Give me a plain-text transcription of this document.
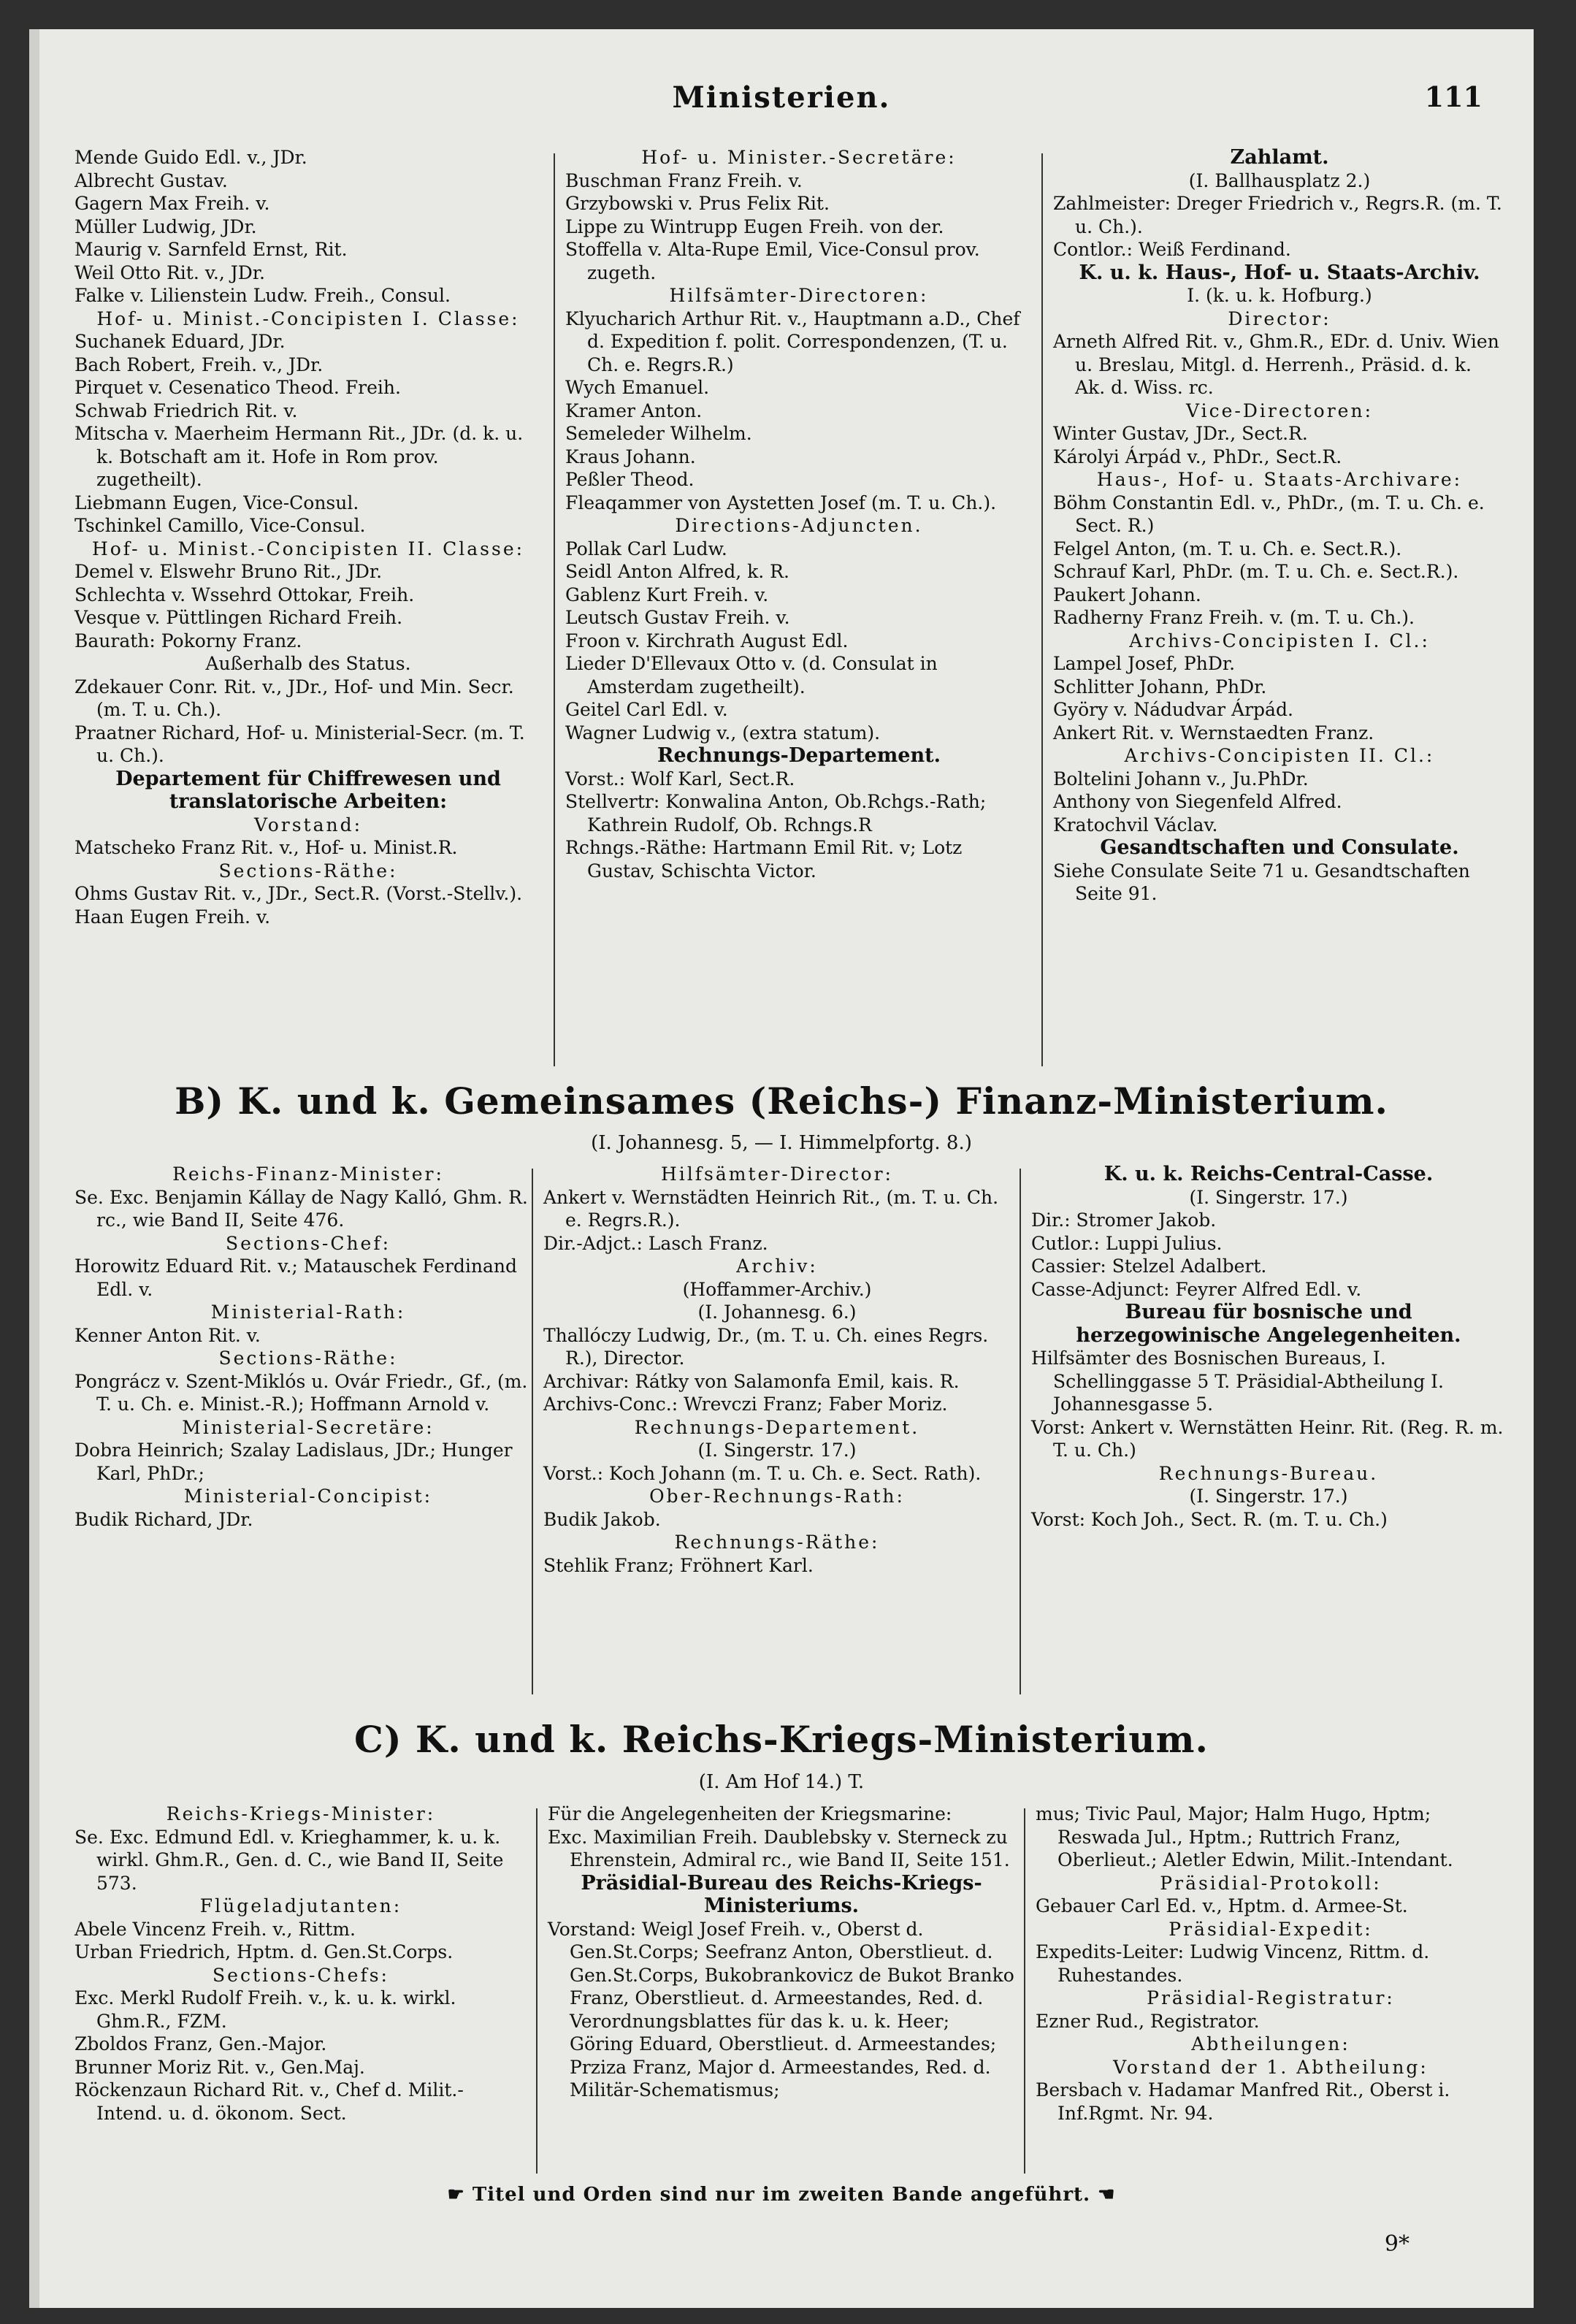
Ministerien.	111
Mende Guido Edl. v., JDr.
Albrecht Gustav.
Gagern Max Freih. v.
Müller Ludwig, JDr.
Maurig v. Sarnfeld Ernst, Rit.
Weil Otto Rit. v., JDr.
Falke v. Lilienstein Ludw. Freih., Consul.
Hof- u. Minist.-Concipisten I. Classe:
Suchanek Eduard, JDr.
Bach Robert, Freih. v., JDr.
Pirquet v. Cesenatico Theod. Freih.
Schwab Friedrich Rit. v.
Mitscha v. Maerheim Hermann Rit., JDr. (d. k. u. k. Botschaft am it. Hofe in Rom prov. zugetheilt).
Liebmann Eugen, Vice-Consul.
Tschinkel Camillo, Vice-Consul.
Hof- u. Minist.-Concipisten II. Classe:
Demel v. Elswehr Bruno Rit., JDr.
Schlechta v. Wssehrd Ottokar, Freih.
Vesque v. Püttlingen Richard Freih.
Baurath: Pokorny Franz.
Außerhalb des Status.
Zdekauer Conr. Rit. v., JDr., Hof- und Min. Secr. (m. T. u. Ch.).
Praatner Richard, Hof- u. Ministerial-Secr. (m. T. u. Ch.).
Departement für Chiffrewesen und translatorische Arbeiten:
Vorstand:
Matscheko Franz Rit. v., Hof- u. Minist.R.
Sections-Räthe:
Ohms Gustav Rit. v., JDr., Sect.R. (Vorst.-Stellv.).
Haan Eugen Freih. v.
Hof- u. Minister.-Secretäre:
Buschman Franz Freih. v.
Grzybowski v. Prus Felix Rit.
Lippe zu Wintrupp Eugen Freih. von der.
Stoffella v. Alta-Rupe Emil, Vice-Consul prov. zugeth.
Hilfsämter-Directoren:
Klyucharich Arthur Rit. v., Hauptmann a.D., Chef d. Expedition f. polit. Correspondenzen, (T. u. Ch. e. Regrs.R.)
Wych Emanuel.
Kramer Anton.
Semeleder Wilhelm.
Kraus Johann.
Peßler Theod.
Fleaqammer von Aystetten Josef (m. T. u. Ch.).
Directions-Adjuncten.
Pollak Carl Ludw.
Seidl Anton Alfred, k. R.
Gablenz Kurt Freih. v.
Leutsch Gustav Freih. v.
Froon v. Kirchrath August Edl.
Lieder D'Ellevaux Otto v. (d. Consulat in Amsterdam zugetheilt).
Geitel Carl Edl. v.
Wagner Ludwig v., (extra statum).
Rechnungs-Departement.
Vorst.: Wolf Karl, Sect.R.
Stellvertr: Konwalina Anton, Ob.Rchgs.-Rath; Kathrein Rudolf, Ob. Rchngs.R
Rchngs.-Räthe: Hartmann Emil Rit. v; Lotz Gustav, Schischta Victor.
Zahlamt.
(I. Ballhausplatz 2.)
Zahlmeister: Dreger Friedrich v., Regrs.R. (m. T. u. Ch.).
Contlor.: Weiß Ferdinand.
K. u. k. Haus-, Hof- u. Staats-Archiv.
I. (k. u. k. Hofburg.)
Director:
Arneth Alfred Rit. v., Ghm.R., EDr. d. Univ. Wien u. Breslau, Mitgl. d. Herrenh., Präsid. d. k. Ak. d. Wiss. rc.
Vice-Directoren:
Winter Gustav, JDr., Sect.R.
Károlyi Árpád v., PhDr., Sect.R.
Haus-, Hof- u. Staats-Archivare:
Böhm Constantin Edl. v., PhDr., (m. T. u. Ch. e. Sect. R.)
Felgel Anton, (m. T. u. Ch. e. Sect.R.).
Schrauf Karl, PhDr. (m. T. u. Ch. e. Sect.R.).
Paukert Johann.
Radherny Franz Freih. v. (m. T. u. Ch.).
Archivs-Concipisten I. Cl.:
Lampel Josef, PhDr.
Schlitter Johann, PhDr.
Györy v. Nádudvar Árpád.
Ankert Rit. v. Wernstaedten Franz.
Archivs-Concipisten II. Cl.:
Boltelini Johann v., Ju.PhDr.
Anthony von Siegenfeld Alfred.
Kratochvil Václav.
Gesandtschaften und Consulate.
Siehe Consulate Seite 71 u. Gesandtschaften Seite 91.
B) K. und k. Gemeinsames (Reichs-) Finanz-Ministerium.
(I. Johannesg. 5, — I. Himmelpfortg. 8.)
Reichs-Finanz-Minister:
Se. Exc. Benjamin Kállay de Nagy Kalló, Ghm. R. rc., wie Band II, Seite 476.
Sections-Chef:
Horowitz Eduard Rit. v.; Matauschek Ferdinand Edl. v.
Ministerial-Rath:
Kenner Anton Rit. v.
Sections-Räthe:
Pongrácz v. Szent-Miklós u. Ovár Friedr., Gf., (m. T. u. Ch. e. Minist.-R.); Hoffmann Arnold v.
Ministerial-Secretäre:
Dobra Heinrich; Szalay Ladislaus, JDr.; Hunger Karl, PhDr.;
Ministerial-Concipist:
Budik Richard, JDr.
Hilfsämter-Director:
Ankert v. Wernstädten Heinrich Rit., (m. T. u. Ch. e. Regrs.R.).
Dir.-Adjct.: Lasch Franz.
Archiv:
(Hoffammer-Archiv.)
(I. Johannesg. 6.)
Thallóczy Ludwig, Dr., (m. T. u. Ch. eines Regrs. R.), Director.
Archivar: Rátky von Salamonfa Emil, kais. R.
Archivs-Conc.: Wrevczi Franz; Faber Moriz.
Rechnungs-Departement.
(I. Singerstr. 17.)
Vorst.: Koch Johann (m. T. u. Ch. e. Sect. Rath).
Ober-Rechnungs-Rath:
Budik Jakob.
Rechnungs-Räthe:
Stehlik Franz; Fröhnert Karl.
K. u. k. Reichs-Central-Casse.
(I. Singerstr. 17.)
Dir.: Stromer Jakob.
Cutlor.: Luppi Julius.
Cassier: Stelzel Adalbert.
Casse-Adjunct: Feyrer Alfred Edl. v.
Bureau für bosnische und herzegowinische Angelegenheiten.
Hilfsämter des Bosnischen Bureaus, I. Schellinggasse 5 T. Präsidial-Abtheilung I. Johannesgasse 5.
Vorst: Ankert v. Wernstätten Heinr. Rit. (Reg. R. m. T. u. Ch.)
Rechnungs-Bureau.
(I. Singerstr. 17.)
Vorst: Koch Joh., Sect. R. (m. T. u. Ch.)
C) K. und k. Reichs-Kriegs-Ministerium.
(I. Am Hof 14.) T.
Reichs-Kriegs-Minister:
Se. Exc. Edmund Edl. v. Krieghammer, k. u. k. wirkl. Ghm.R., Gen. d. C., wie Band II, Seite 573.
Flügeladjutanten:
Abele Vincenz Freih. v., Rittm.
Urban Friedrich, Hptm. d. Gen.St.Corps.
Sections-Chefs:
Exc. Merkl Rudolf Freih. v., k. u. k. wirkl. Ghm.R., FZM.
Zboldos Franz, Gen.-Major.
Brunner Moriz Rit. v., Gen.Maj.
Röckenzaun Richard Rit. v., Chef d. Milit.-Intend. u. d. ökonom. Sect.
Für die Angelegenheiten der Kriegsmarine:
Exc. Maximilian Freih. Daublebsky v. Sterneck zu Ehrenstein, Admiral rc., wie Band II, Seite 151.
Präsidial-Bureau des Reichs-Kriegs-Ministeriums.
Vorstand: Weigl Josef Freih. v., Oberst d. Gen.St.Corps; Seefranz Anton, Oberstlieut. d. Gen.St.Corps, Bukobrankovicz de Bukot Branko Franz, Oberstlieut. d. Armeestandes, Red. d. Verordnungsblattes für das k. u. k. Heer; Göring Eduard, Oberstlieut. d. Armeestandes; Prziza Franz, Major d. Armeestandes, Red. d. Militär-Schematismus;
mus; Tivic Paul, Major; Halm Hugo, Hptm; Reswada Jul., Hptm.; Ruttrich Franz, Oberlieut.; Aletler Edwin, Milit.-Intendant.
Präsidial-Protokoll:
Gebauer Carl Ed. v., Hptm. d. Armee-St.
Präsidial-Expedit:
Expedits-Leiter: Ludwig Vincenz, Rittm. d. Ruhestandes.
Präsidial-Registratur:
Ezner Rud., Registrator.
Abtheilungen:
Vorstand der 1. Abtheilung:
Bersbach v. Hadamar Manfred Rit., Oberst i. Inf.Rgmt. Nr. 94.
☛ Titel und Orden sind nur im zweiten Bande angeführt. ☚
9*
